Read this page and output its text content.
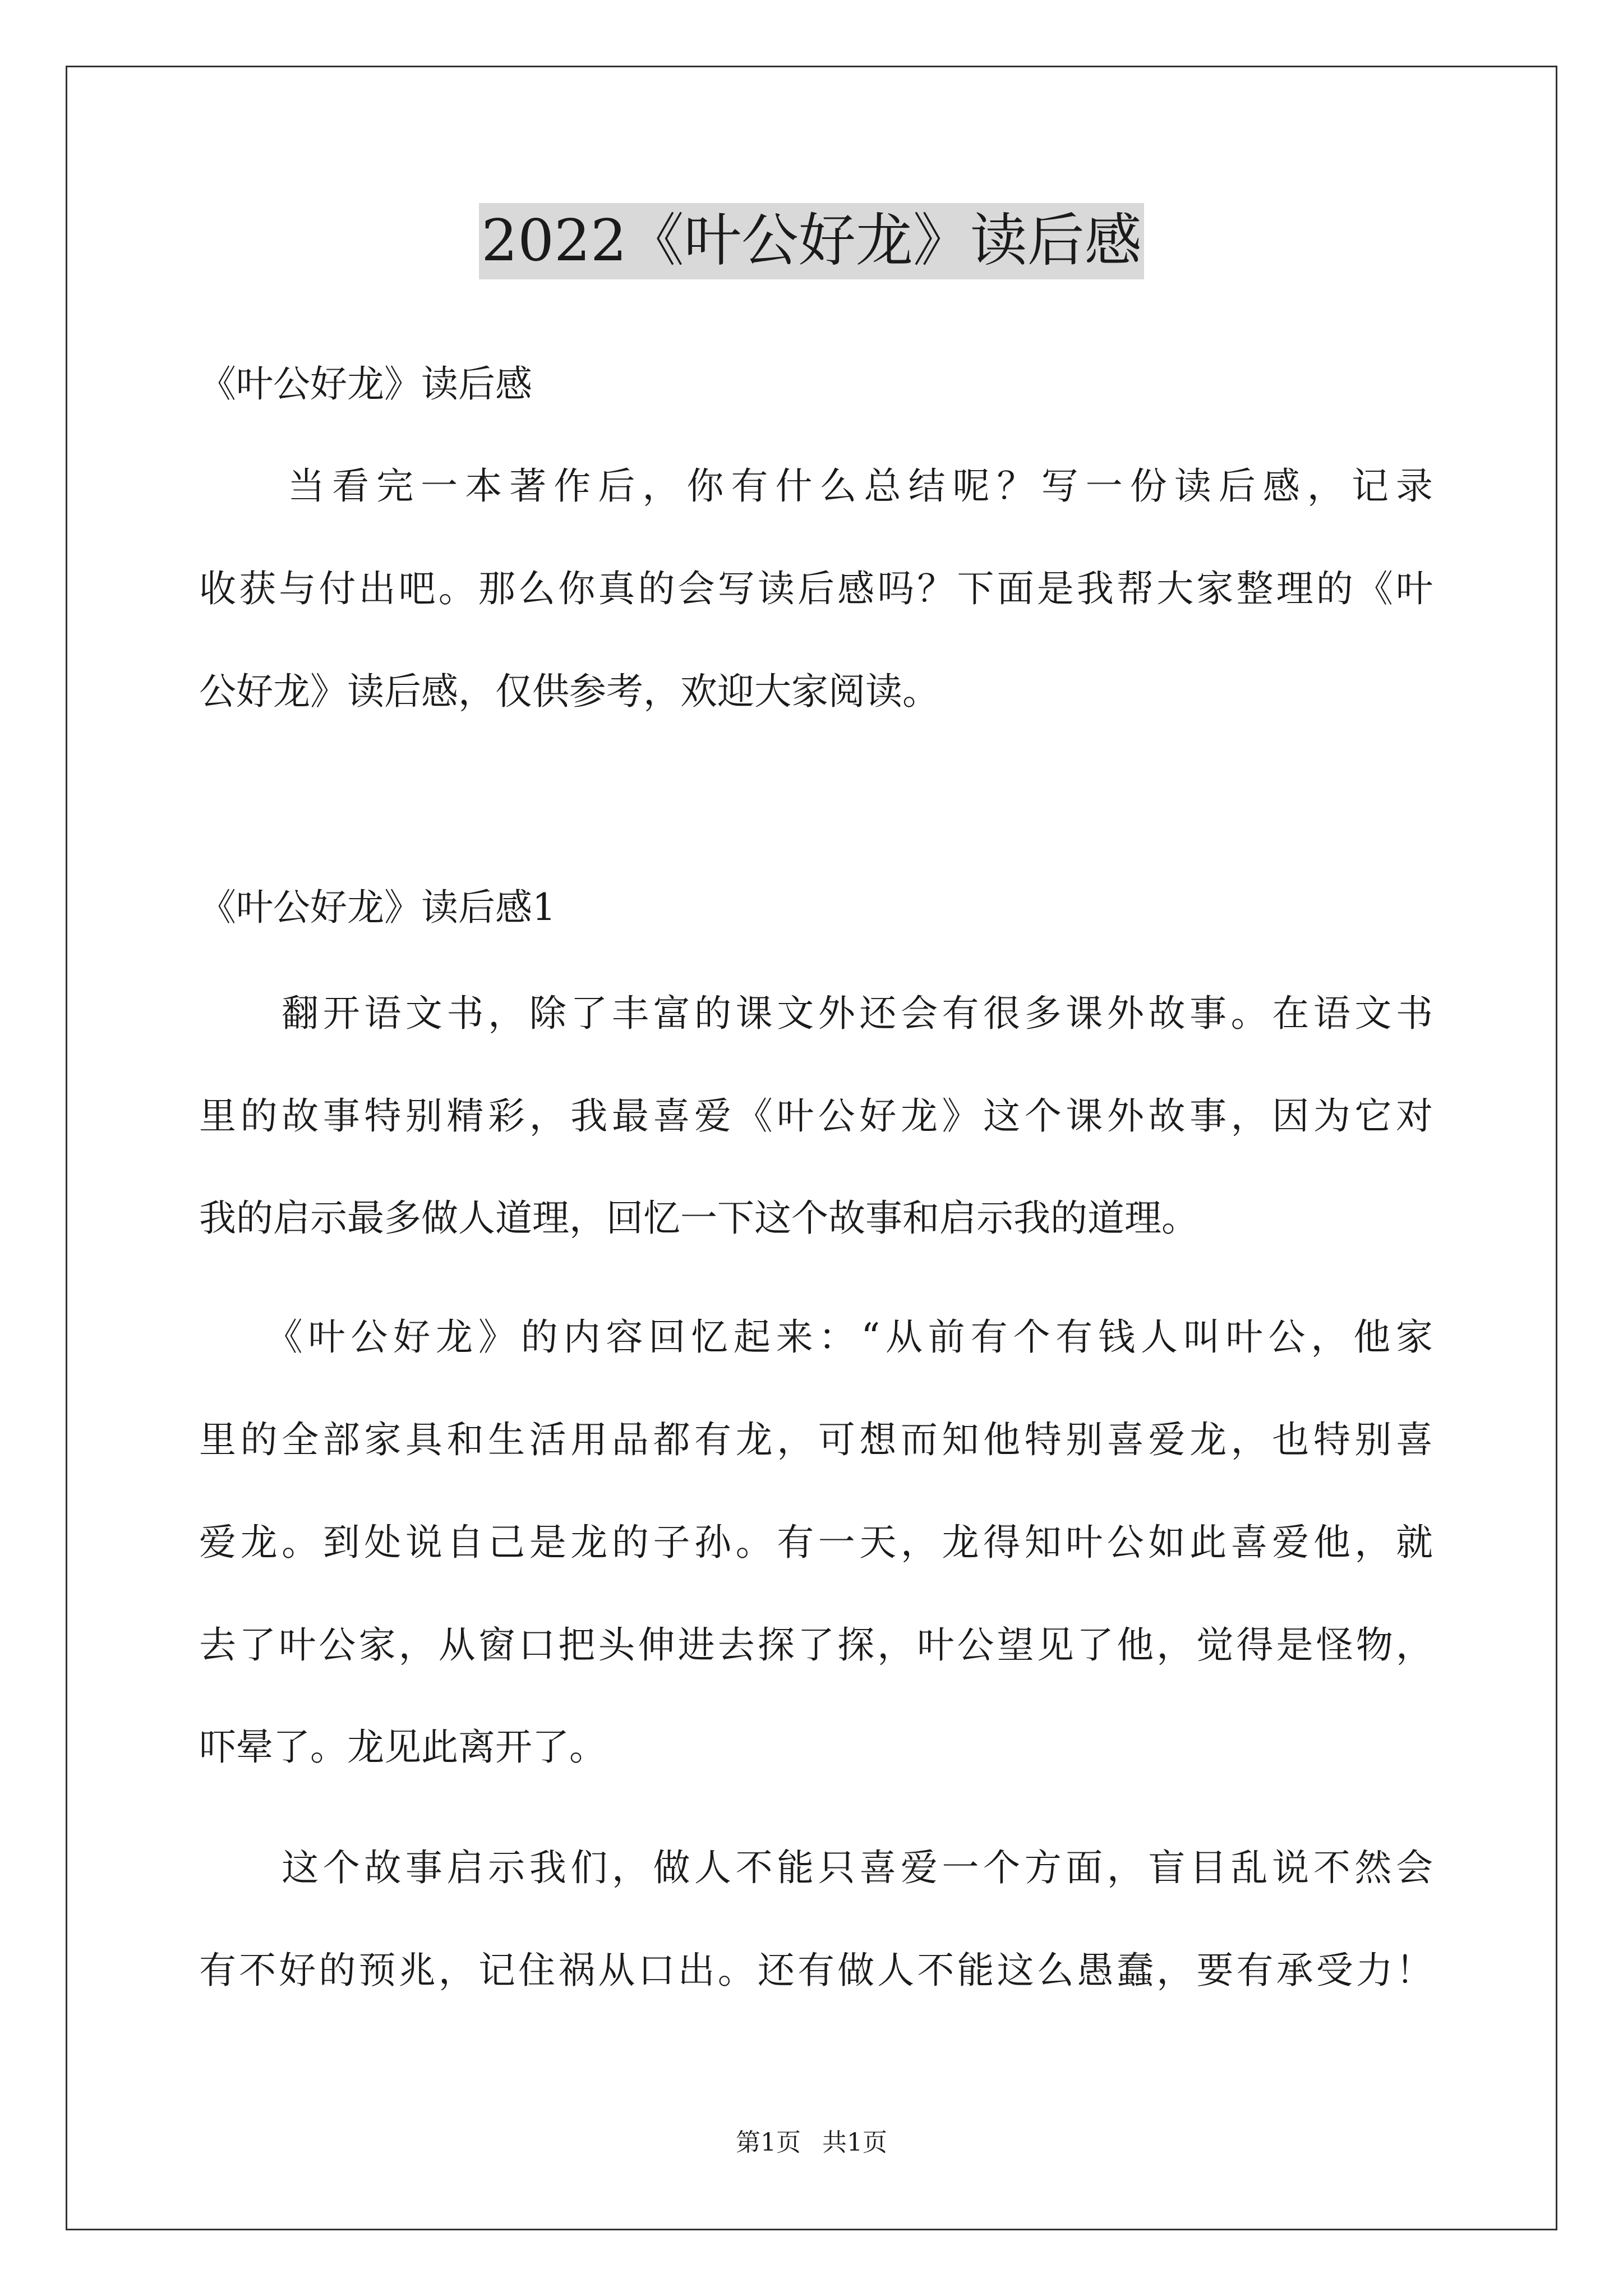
2022《叶公好龙》读后感
《叶公好龙》读后感
　　当看完一本著作后，你有什么总结呢？写一份读后感，记录
收获与付出吧。那么你真的会写读后感吗？下面是我帮大家整理的《叶
公好龙》读后感，仅供参考，欢迎大家阅读。
《叶公好龙》读后感1
　　翻开语文书，除了丰富的课文外还会有很多课外故事。在语文书
里的故事特别精彩，我最喜爱《叶公好龙》这个课外故事，因为它对
我的启示最多做人道理，回忆一下这个故事和启示我的道理。
　　《叶公好龙》的内容回忆起来：“从前有个有钱人叫叶公，他家
里的全部家具和生活用品都有龙，可想而知他特别喜爱龙，也特别喜
爱龙。到处说自己是龙的子孙。有一天，龙得知叶公如此喜爱他，就
去了叶公家，从窗口把头伸进去探了探，叶公望见了他，觉得是怪物，
吓晕了。龙见此离开了。
　　这个故事启示我们，做人不能只喜爱一个方面，盲目乱说不然会
有不好的预兆，记住祸从口出。还有做人不能这么愚蠢，要有承受力！
第1页 共1页
